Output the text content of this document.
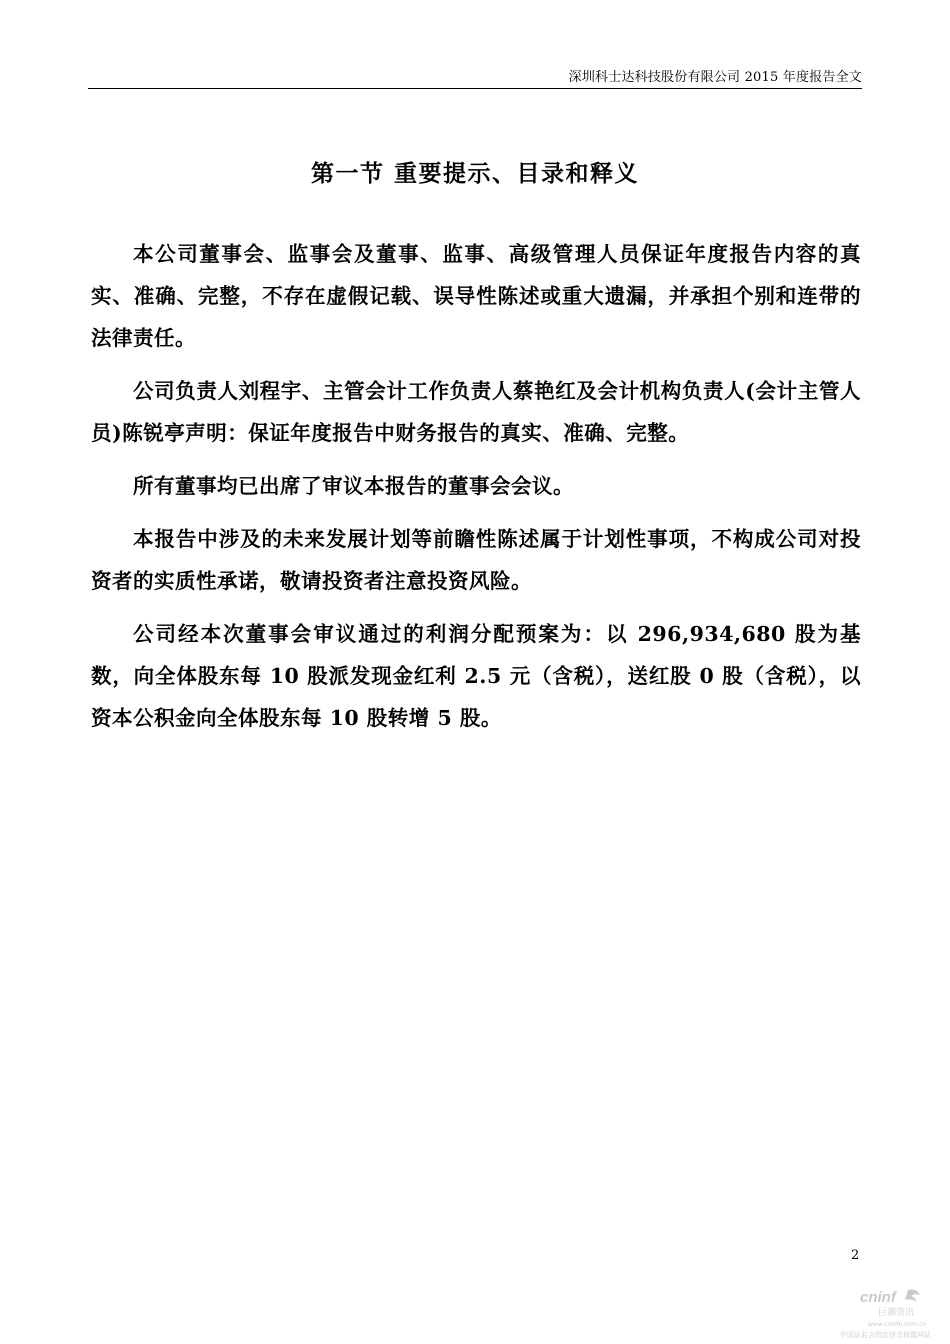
深圳科士达科技股份有限公司 2015 年度报告全文
第一节 重要提示、目录和释义

本公司董事会、监事会及董事、监事、高级管理人员保证年度报告内容的真实、准确、完整，不存在虚假记载、误导性陈述或重大遗漏，并承担个别和连带的法律责任。

公司负责人刘程宇、主管会计工作负责人蔡艳红及会计机构负责人(会计主管人员)陈锐亭声明：保证年度报告中财务报告的真实、准确、完整。

所有董事均已出席了审议本报告的董事会会议。

本报告中涉及的未来发展计划等前瞻性陈述属于计划性事项，不构成公司对投资者的实质性承诺，敬请投资者注意投资风险。

公司经本次董事会审议通过的利润分配预案为：以 296,934,680 股为基数，向全体股东每 10 股派发现金红利 2.5 元（含税），送红股 0 股（含税），以资本公积金向全体股东每 10 股转增 5 股。

2
cninf
巨潮资讯
www.cninfo.com.cn
中国证监会指定信息披露网站
